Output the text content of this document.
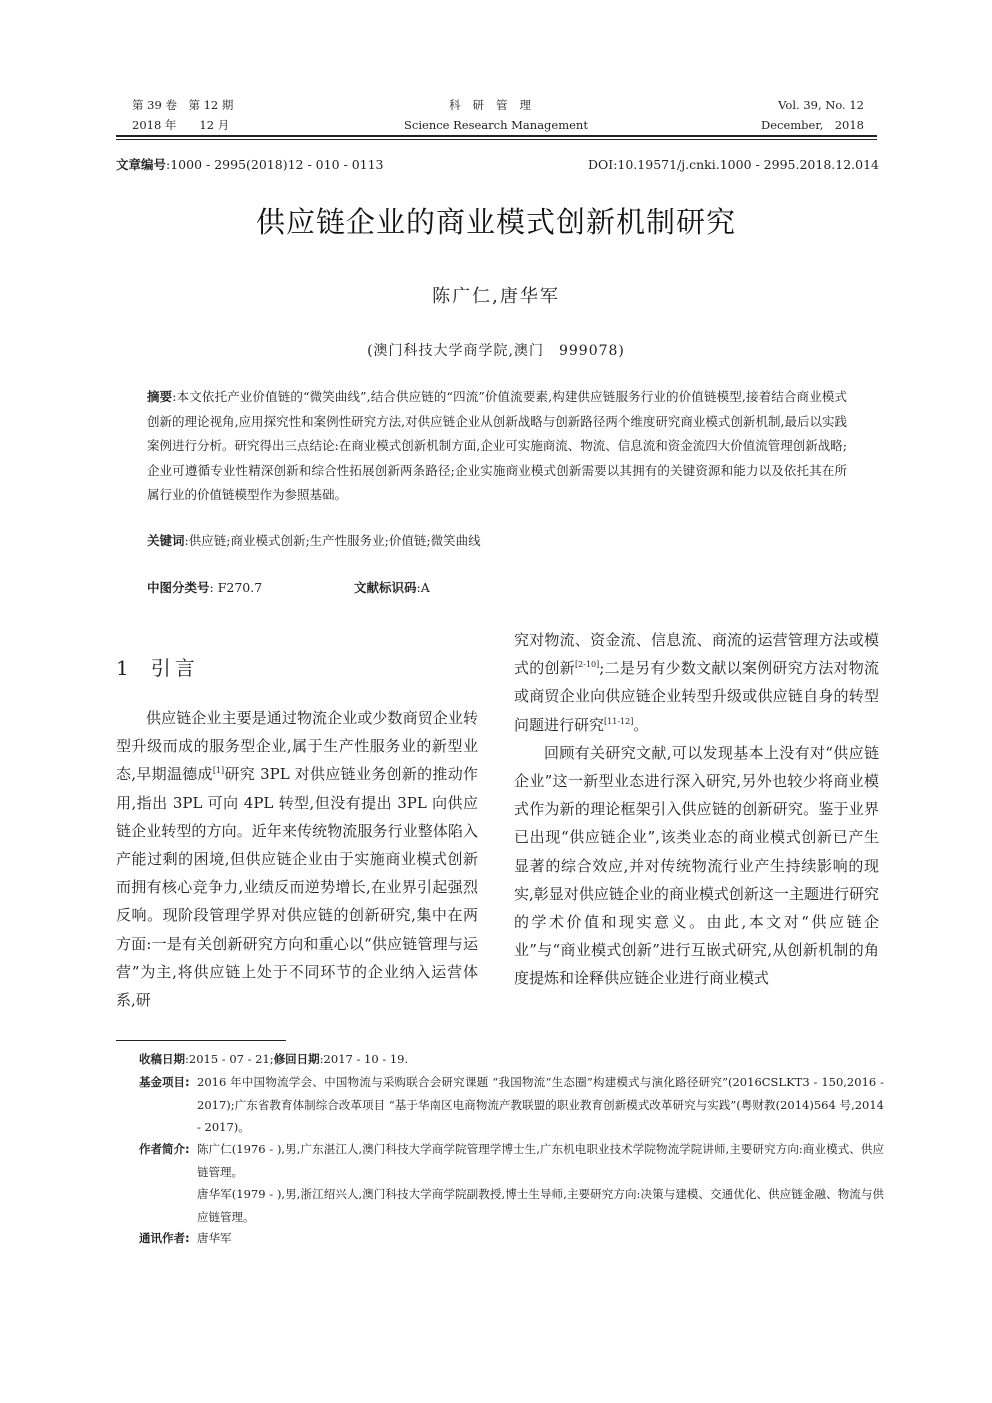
第 39 卷　第 12 期
2018 年　　12 月
科研管理
Science Research Management
Vol. 39, No. 12
December,　2018
文章编号:1000 - 2995(2018)12 - 010 - 0113	DOI:10.19571/j.cnki.1000 - 2995.2018.12.014
供应链企业的商业模式创新机制研究
陈广仁,唐华军
(澳门科技大学商学院,澳门　999078)
摘要:本文依托产业价值链的“微笑曲线”,结合供应链的“四流”价值流要素,构建供应链服务行业的价值链模型,接着结合商业模式创新的理论视角,应用探究性和案例性研究方法,对供应链企业从创新战略与创新路径两个维度研究商业模式创新机制,最后以实践案例进行分析。研究得出三点结论:在商业模式创新机制方面,企业可实施商流、物流、信息流和资金流四大价值流管理创新战略;企业可遵循专业性精深创新和综合性拓展创新两条路径;企业实施商业模式创新需要以其拥有的关键资源和能力以及依托其在所属行业的价值链模型作为参照基础。
关键词:供应链;商业模式创新;生产性服务业;价值链;微笑曲线
中图分类号: F270.7	文献标识码:A
1 引言

供应链企业主要是通过物流企业或少数商贸企业转型升级而成的服务型企业,属于生产性服务业的新型业态,早期温德成[1]研究 3PL 对供应链业务创新的推动作用,指出 3PL 可向 4PL 转型,但没有提出 3PL 向供应链企业转型的方向。近年来传统物流服务行业整体陷入产能过剩的困境,但供应链企业由于实施商业模式创新而拥有核心竞争力,业绩反而逆势增长,在业界引起强烈反响。现阶段管理学界对供应链的创新研究,集中在两方面:一是有关创新研究方向和重心以“供应链管理与运营”为主,将供应链上处于不同环节的企业纳入运营体系,研

究对物流、资金流、信息流、商流的运营管理方法或模式的创新[2-10];二是另有少数文献以案例研究方法对物流或商贸企业向供应链企业转型升级或供应链自身的转型问题进行研究[11-12]。

回顾有关研究文献,可以发现基本上没有对“供应链企业”这一新型业态进行深入研究,另外也较少将商业模式作为新的理论框架引入供应链的创新研究。鉴于业界已出现“供应链企业”,该类业态的商业模式创新已产生显著的综合效应,并对传统物流行业产生持续影响的现实,彰显对供应链企业的商业模式创新这一主题进行研究的学术价值和现实意义。由此,本文对“供应链企业”与“商业模式创新”进行互嵌式研究,从创新机制的角度提炼和诠释供应链企业进行商业模式

收稿日期:2015 - 07 - 21;修回日期:2017 - 10 - 19.
基金项目: 2016 年中国物流学会、中国物流与采购联合会研究课题 “我国物流“生态圈”构建模式与演化路径研究”(2016CSLKT3 - 150,2016 - 2017);广东省教育体制综合改革项目 “基于华南区电商物流产教联盟的职业教育创新模式改革研究与实践”(粤财教(2014)564 号,2014 - 2017)。
作者简介: 陈广仁(1976 - ),男,广东湛江人,澳门科技大学商学院管理学博士生,广东机电职业技术学院物流学院讲师,主要研究方向:商业模式、供应链管理。
唐华军(1979 - ),男,浙江绍兴人,澳门科技大学商学院副教授,博士生导师,主要研究方向:决策与建模、交通优化、供应链金融、物流与供应链管理。
通讯作者: 唐华军
